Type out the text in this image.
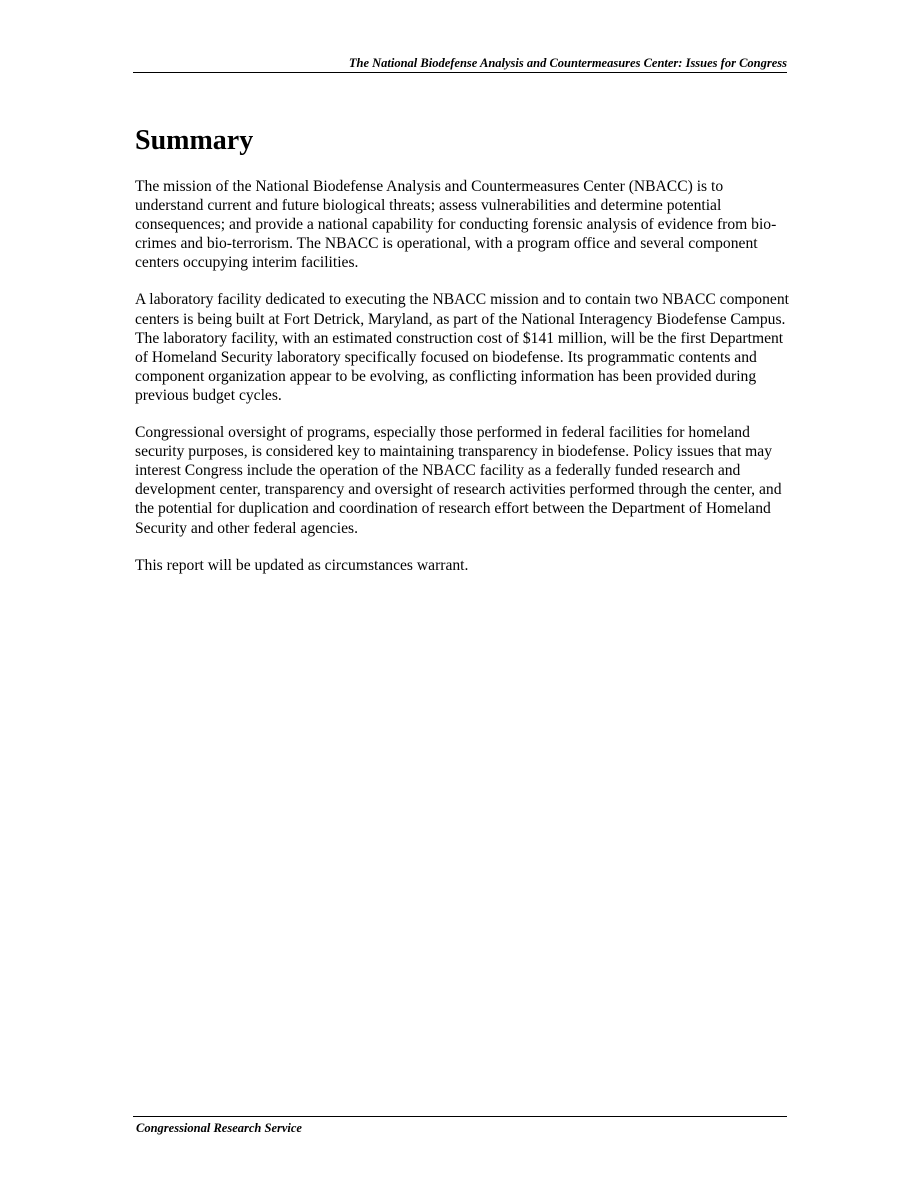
The National Biodefense Analysis and Countermeasures Center: Issues for Congress
Summary

The mission of the National Biodefense Analysis and Countermeasures Center (NBACC) is to understand current and future biological threats; assess vulnerabilities and determine potential consequences; and provide a national capability for conducting forensic analysis of evidence from bio-crimes and bio-terrorism. The NBACC is operational, with a program office and several component centers occupying interim facilities.

A laboratory facility dedicated to executing the NBACC mission and to contain two NBACC component centers is being built at Fort Detrick, Maryland, as part of the National Interagency Biodefense Campus. The laboratory facility, with an estimated construction cost of $141 million, will be the first Department of Homeland Security laboratory specifically focused on biodefense. Its programmatic contents and component organization appear to be evolving, as conflicting information has been provided during previous budget cycles.

Congressional oversight of programs, especially those performed in federal facilities for homeland security purposes, is considered key to maintaining transparency in biodefense. Policy issues that may interest Congress include the operation of the NBACC facility as a federally funded research and development center, transparency and oversight of research activities performed through the center, and the potential for duplication and coordination of research effort between the Department of Homeland Security and other federal agencies.

This report will be updated as circumstances warrant.

Congressional Research Service
